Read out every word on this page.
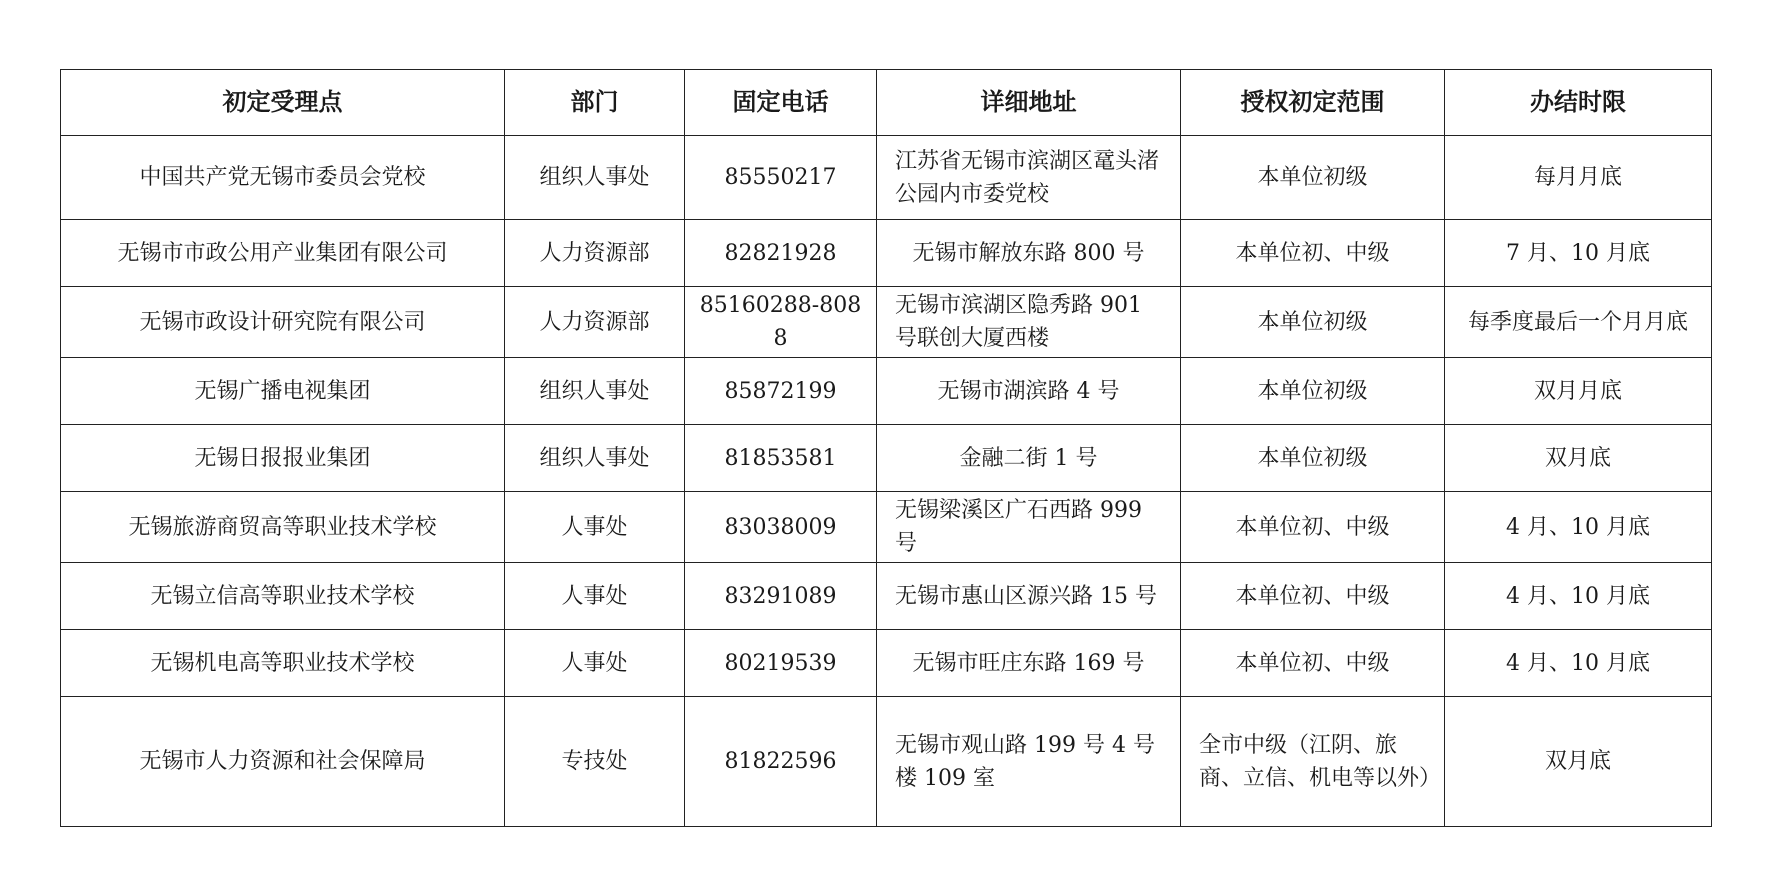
初定受理点	部门	固定电话	详细地址	授权初定范围	办结时限
中国共产党无锡市委员会党校	组织人事处	85550217	江苏省无锡市滨湖区鼋头渚公园内市委党校	本单位初级	每月月底
无锡市市政公用产业集团有限公司	人力资源部	82821928	无锡市解放东路 800 号	本单位初、中级	7 月、10 月底
无锡市政设计研究院有限公司	人力资源部	85160288-8088	无锡市滨湖区隐秀路 901 号联创大厦西楼	本单位初级	每季度最后一个月月底
无锡广播电视集团	组织人事处	85872199	无锡市湖滨路 4 号	本单位初级	双月月底
无锡日报报业集团	组织人事处	81853581	金融二街 1 号	本单位初级	双月底
无锡旅游商贸高等职业技术学校	人事处	83038009	无锡梁溪区广石西路 999 号	本单位初、中级	4 月、10 月底
无锡立信高等职业技术学校	人事处	83291089	无锡市惠山区源兴路 15 号	本单位初、中级	4 月、10 月底
无锡机电高等职业技术学校	人事处	80219539	无锡市旺庄东路 169 号	本单位初、中级	4 月、10 月底
无锡市人力资源和社会保障局	专技处	81822596	无锡市观山路 199 号 4 号楼 109 室	全市中级（江阴、旅商、立信、机电等以外）	双月底
